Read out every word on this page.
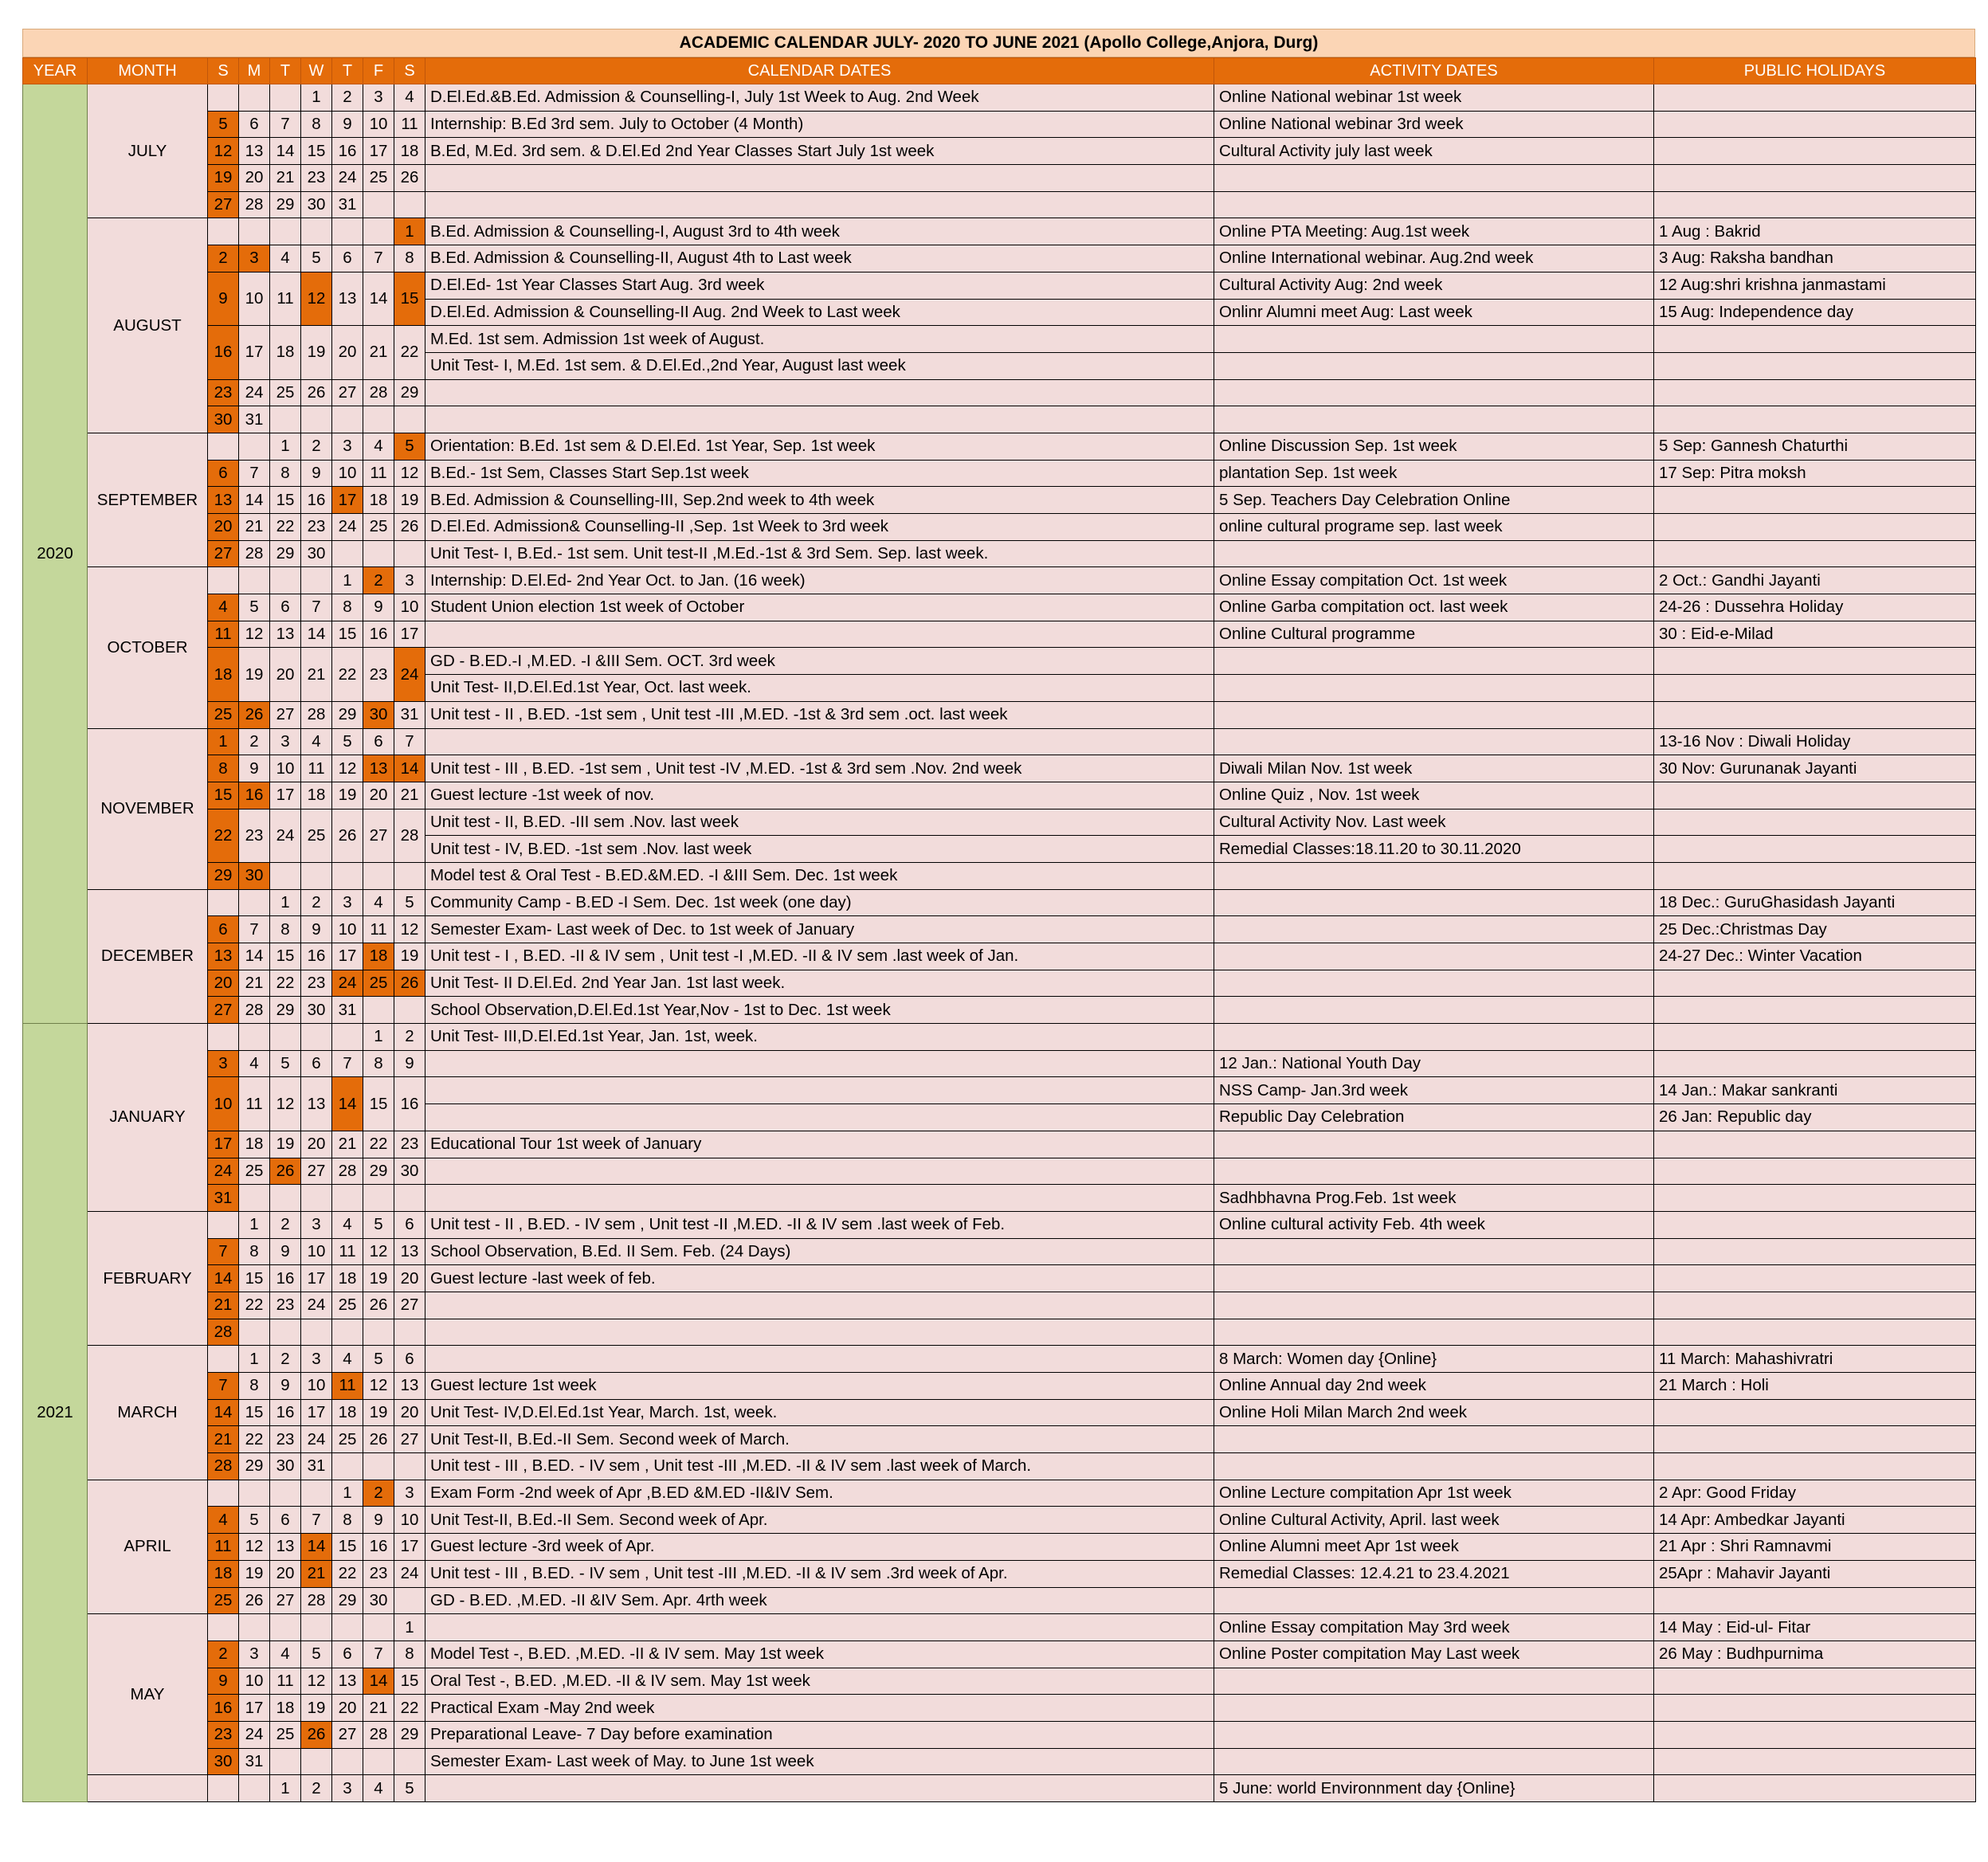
ACADEMIC CALENDAR JULY- 2020 TO JUNE 2021 (Apollo College,Anjora, Durg)
YEAR	MONTH	S	M	T	W	T	F	S	CALENDAR DATES	ACTIVITY DATES	PUBLIC HOLIDAYS
2020	JULY				1	2	3	4	D.El.Ed.&B.Ed. Admission & Counselling-I, July 1st Week to Aug. 2nd Week	Online National webinar 1st week	
		5	6	7	8	9	10	11	Internship: B.Ed 3rd sem. July to October (4 Month)	Online National webinar 3rd week	
		12	13	14	15	16	17	18	B.Ed, M.Ed. 3rd sem. & D.El.Ed 2nd Year Classes Start July 1st week	Cultural Activity july last week	
		19	20	21	23	24	25	26			
		27	28	29	30	31					
	AUGUST							1	B.Ed. Admission & Counselling-I, August 3rd to 4th week	Online PTA Meeting: Aug.1st week	1 Aug : Bakrid
		2	3	4	5	6	7	8	B.Ed. Admission & Counselling-II, August 4th to Last week	Online International webinar. Aug.2nd week	3 Aug: Raksha bandhan
		9	10	11	12	13	14	15	D.El.Ed- 1st Year Classes Start Aug. 3rd week	Cultural Activity Aug: 2nd week	12 Aug:shri krishna janmastami
									D.El.Ed. Admission & Counselling-II Aug. 2nd Week to Last week	Onlinr Alumni meet Aug: Last week	15 Aug: Independence day
		16	17	18	19	20	21	22	M.Ed. 1st sem. Admission 1st week of August.		
									Unit Test- I, M.Ed. 1st sem. & D.El.Ed.,2nd Year, August last week		
		23	24	25	26	27	28	29			
		30	31								
	SEPTEMBER			1	2	3	4	5	Orientation: B.Ed. 1st sem & D.El.Ed. 1st Year, Sep. 1st week	Online Discussion Sep. 1st week	5 Sep: Gannesh Chaturthi
		6	7	8	9	10	11	12	B.Ed.- 1st Sem, Classes Start Sep.1st week	plantation Sep. 1st week	17 Sep: Pitra moksh
		13	14	15	16	17	18	19	B.Ed. Admission & Counselling-III, Sep.2nd week to 4th week	5 Sep. Teachers Day Celebration Online	
		20	21	22	23	24	25	26	D.El.Ed. Admission& Counselling-II ,Sep. 1st Week to 3rd week	online cultural programe sep. last week	
		27	28	29	30				Unit Test- I, B.Ed.- 1st sem. Unit test-II ,M.Ed.-1st & 3rd Sem. Sep. last week.		
	OCTOBER					1	2	3	Internship: D.El.Ed- 2nd Year Oct. to Jan. (16 week)	Online Essay compitation Oct. 1st week	2 Oct.: Gandhi Jayanti
		4	5	6	7	8	9	10	Student Union election 1st week of October	Online Garba compitation oct. last week	24-26 : Dussehra Holiday
		11	12	13	14	15	16	17		Online Cultural programme	30 : Eid-e-Milad
		18	19	20	21	22	23	24	GD - B.ED.-I ,M.ED. -I &III Sem. OCT. 3rd week		
									Unit Test- II,D.El.Ed.1st Year, Oct. last week.		
		25	26	27	28	29	30	31	Unit test - II , B.ED. -1st sem , Unit test -III ,M.ED. -1st & 3rd sem .oct. last week		
	NOVEMBER	1	2	3	4	5	6	7			13-16 Nov : Diwali Holiday
		8	9	10	11	12	13	14	Unit test - III , B.ED. -1st sem , Unit test -IV ,M.ED. -1st & 3rd sem .Nov. 2nd week	Diwali Milan Nov. 1st week	30 Nov: Gurunanak Jayanti
		15	16	17	18	19	20	21	Guest lecture -1st week of nov.	Online Quiz , Nov. 1st week	
		22	23	24	25	26	27	28	Unit test - II, B.ED. -III sem .Nov. last week	Cultural Activity Nov. Last week	
									Unit test - IV, B.ED. -1st sem .Nov. last week	Remedial Classes:18.11.20 to 30.11.2020	
		29	30						Model test & Oral Test - B.ED.&M.ED. -I &III Sem. Dec. 1st week		
	DECEMBER			1	2	3	4	5	Community Camp - B.ED -I Sem. Dec. 1st week (one day)		18 Dec.: GuruGhasidash Jayanti
		6	7	8	9	10	11	12	Semester Exam- Last week of Dec. to 1st week of January		25 Dec.:Christmas Day
		13	14	15	16	17	18	19	Unit test - I , B.ED. -II & IV sem , Unit test -I ,M.ED. -II & IV sem .last week of Jan.		24-27 Dec.: Winter Vacation
		20	21	22	23	24	25	26	Unit Test- II D.El.Ed. 2nd Year Jan. 1st last week.		
		27	28	29	30	31			School Observation,D.El.Ed.1st Year,Nov - 1st to Dec. 1st week		
2021	JANUARY						1	2	Unit Test- III,D.El.Ed.1st Year, Jan. 1st, week.		
		3	4	5	6	7	8	9		12 Jan.: National Youth Day	
		10	11	12	13	14	15	16		NSS Camp- Jan.3rd week	14 Jan.: Makar sankranti
										Republic Day Celebration	26 Jan: Republic day
		17	18	19	20	21	22	23	Educational Tour 1st week of January		
		24	25	26	27	28	29	30			
		31								Sadhbhavna Prog.Feb. 1st week	
	FEBRUARY		1	2	3	4	5	6	Unit test - II , B.ED. - IV sem , Unit test -II ,M.ED. -II & IV sem .last week of Feb.	Online cultural activity Feb. 4th week	
		7	8	9	10	11	12	13	School Observation, B.Ed. II Sem. Feb. (24 Days)		
		14	15	16	17	18	19	20	Guest lecture -last week of feb.		
		21	22	23	24	25	26	27			
		28									
	MARCH		1	2	3	4	5	6		8 March: Women day {Online}	11 March: Mahashivratri
		7	8	9	10	11	12	13	Guest lecture 1st week	Online Annual day 2nd week	21 March : Holi
		14	15	16	17	18	19	20	Unit Test- IV,D.El.Ed.1st Year, March. 1st, week.	Online Holi Milan March 2nd week	
		21	22	23	24	25	26	27	Unit Test-II, B.Ed.-II Sem. Second week of March.		
		28	29	30	31				Unit test - III , B.ED. - IV sem , Unit test -III ,M.ED. -II & IV sem .last week of March.		
	APRIL					1	2	3	Exam Form -2nd week of Apr ,B.ED &M.ED -II&IV Sem.	Online Lecture compitation Apr 1st week	2 Apr: Good Friday
		4	5	6	7	8	9	10	Unit Test-II, B.Ed.-II Sem. Second week of Apr.	Online Cultural Activity, April. last week	14 Apr: Ambedkar Jayanti
		11	12	13	14	15	16	17	Guest lecture -3rd week of Apr.	Online Alumni meet Apr 1st week	21 Apr : Shri Ramnavmi
		18	19	20	21	22	23	24	Unit test - III , B.ED. - IV sem , Unit test -III ,M.ED. -II & IV sem .3rd week of Apr.	Remedial Classes: 12.4.21 to 23.4.2021	25Apr : Mahavir Jayanti
		25	26	27	28	29	30		GD - B.ED. ,M.ED. -II &IV Sem. Apr. 4rth week		
	MAY							1		Online Essay compitation May 3rd week	14 May : Eid-ul- Fitar
		2	3	4	5	6	7	8	Model Test -, B.ED. ,M.ED. -II & IV sem. May 1st week	Online Poster compitation May Last week	26 May : Budhpurnima
		9	10	11	12	13	14	15	Oral Test -, B.ED. ,M.ED. -II & IV sem. May 1st week		
		16	17	18	19	20	21	22	Practical Exam -May 2nd week		
		23	24	25	26	27	28	29	Preparational Leave- 7 Day before examination		
		30	31						Semester Exam- Last week of May. to June 1st week		
				1	2	3	4	5		5 June: world Environnment day {Online}	
